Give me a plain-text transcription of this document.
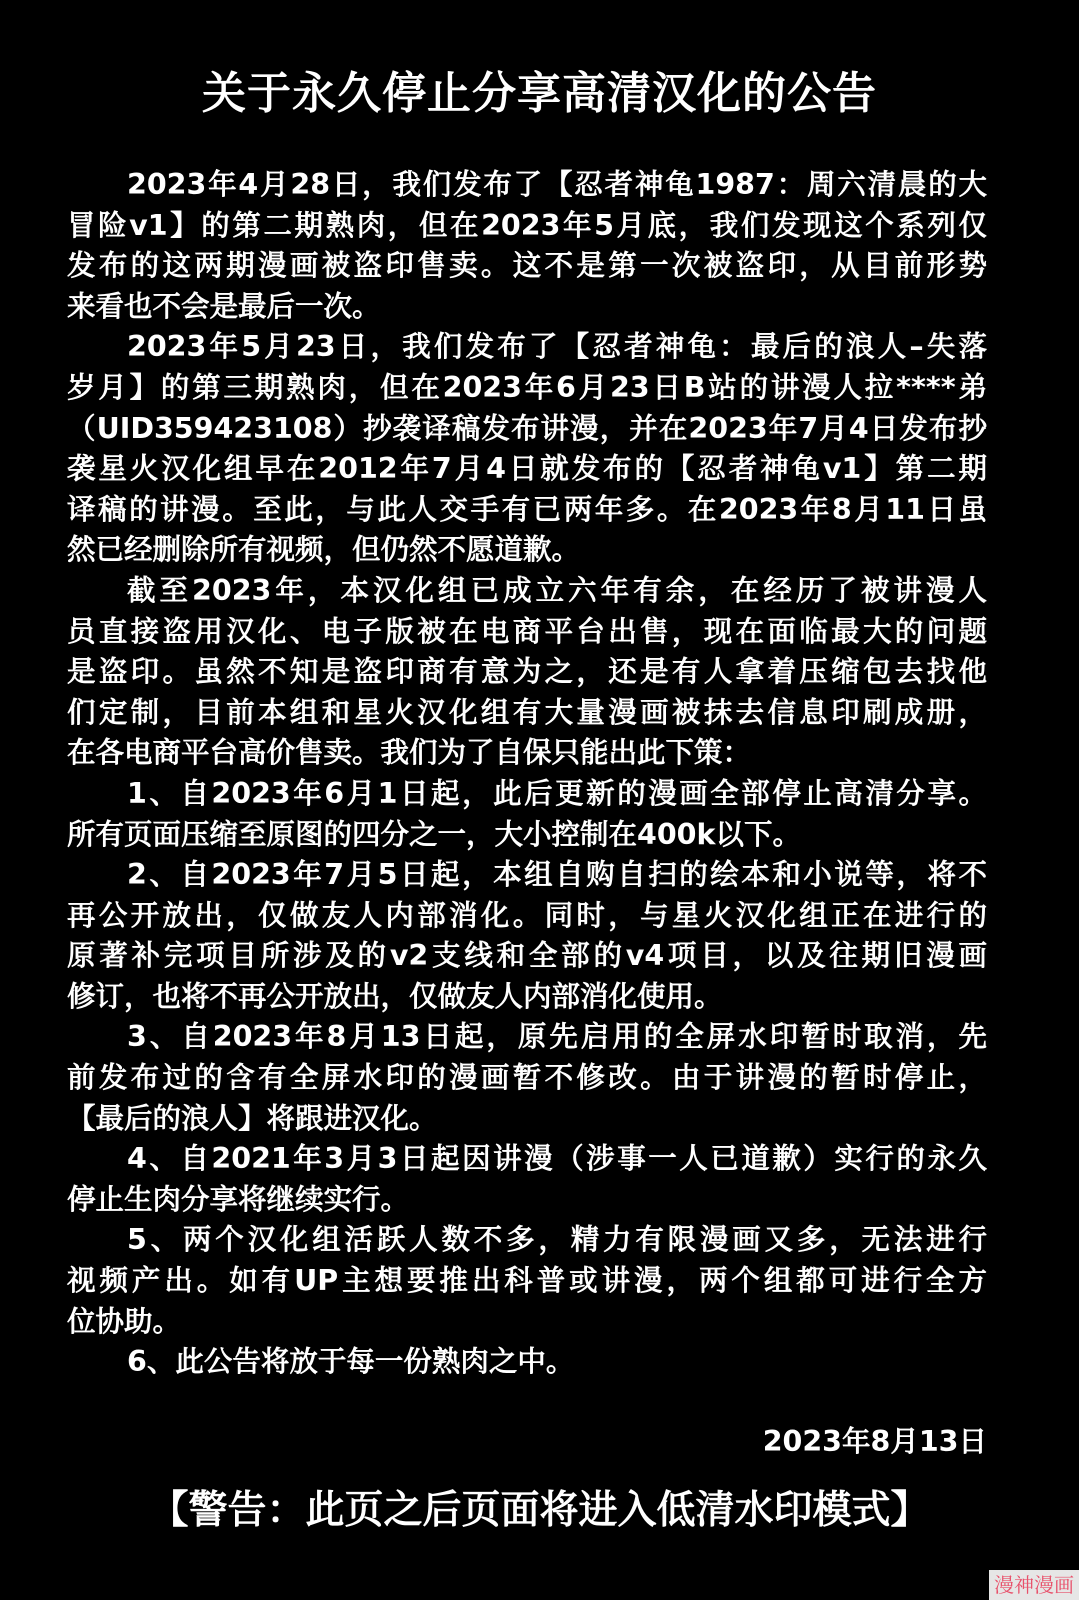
关于永久停止分享高清汉化的公告
2023年4月28日，我们发布了【忍者神龟1987：周六清晨的大
冒险v1】的第二期熟肉，但在2023年5月底，我们发现这个系列仅
发布的这两期漫画被盗印售卖。这不是第一次被盗印，从目前形势
来看也不会是最后一次。
2023年5月23日，我们发布了【忍者神龟：最后的浪人–失落
岁月】的第三期熟肉，但在2023年6月23日B站的讲漫人拉****弟
（UID359423108）抄袭译稿发布讲漫，并在2023年7月4日发布抄
袭星火汉化组早在2012年7月4日就发布的【忍者神龟v1】第二期
译稿的讲漫。至此，与此人交手有已两年多。在2023年8月11日虽
然已经删除所有视频，但仍然不愿道歉。
截至2023年，本汉化组已成立六年有余，在经历了被讲漫人
员直接盗用汉化、电子版被在电商平台出售，现在面临最大的问题
是盗印。虽然不知是盗印商有意为之，还是有人拿着压缩包去找他
们定制，目前本组和星火汉化组有大量漫画被抹去信息印刷成册，
在各电商平台高价售卖。我们为了自保只能出此下策：
1、自2023年6月1日起，此后更新的漫画全部停止高清分享。
所有页面压缩至原图的四分之一，大小控制在400k以下。
2、自2023年7月5日起，本组自购自扫的绘本和小说等，将不
再公开放出，仅做友人内部消化。同时，与星火汉化组正在进行的
原著补完项目所涉及的v2支线和全部的v4项目，以及往期旧漫画
修订，也将不再公开放出，仅做友人内部消化使用。
3、自2023年8月13日起，原先启用的全屏水印暂时取消，先
前发布过的含有全屏水印的漫画暂不修改。由于讲漫的暂时停止，
【最后的浪人】将跟进汉化。
4、自2021年3月3日起因讲漫（涉事一人已道歉）实行的永久
停止生肉分享将继续实行。
5、两个汉化组活跃人数不多，精力有限漫画又多，无法进行
视频产出。如有UP主想要推出科普或讲漫，两个组都可进行全方
位协助。
6、此公告将放于每一份熟肉之中。
2023年8月13日
【警告：此页之后页面将进入低清水印模式】
漫神漫画
